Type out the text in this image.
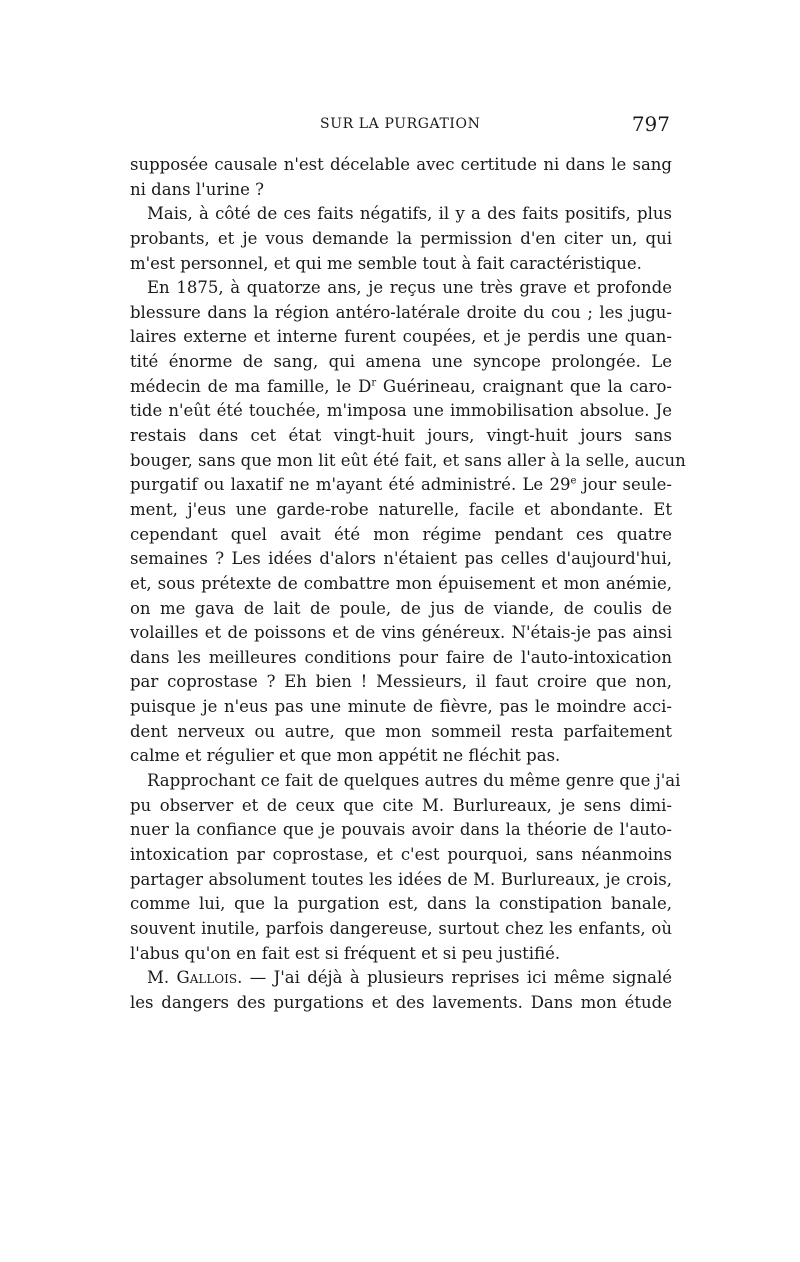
SUR LA PURGATION	797
supposée causale n'est décelable avec certitude ni dans le sang
ni dans l'urine ?
Mais, à côté de ces faits négatifs, il y a des faits positifs, plus
probants, et je vous demande la permission d'en citer un, qui
m'est personnel, et qui me semble tout à fait caractéristique.
En 1875, à quatorze ans, je reçus une très grave et profonde
blessure dans la région antéro-latérale droite du cou ; les jugu-
laires externe et interne furent coupées, et je perdis une quan-
tité énorme de sang, qui amena une syncope prolongée. Le
médecin de ma famille, le $D^r$ Guérineau, craignant que la caro-
tide n'eût été touchée, m'imposa une immobilisation absolue. Je
restais dans cet état vingt-huit jours, vingt-huit jours sans
bouger, sans que mon lit eût été fait, et sans aller à la selle, aucun
purgatif ou laxatif ne m'ayant été administré. Le 29e jour seule-
ment, j'eus une garde-robe naturelle, facile et abondante. Et
cependant quel avait été mon régime pendant ces quatre
semaines ? Les idées d'alors n'étaient pas celles d'aujourd'hui,
et, sous prétexte de combattre mon épuisement et mon anémie,
on me gava de lait de poule, de jus de viande, de coulis de
volailles et de poissons et de vins généreux. N'étais-je pas ainsi
dans les meilleures conditions pour faire de l'auto-intoxication
par coprostase ? Eh bien ! Messieurs, il faut croire que non,
puisque je n'eus pas une minute de fièvre, pas le moindre acci-
dent nerveux ou autre, que mon sommeil resta parfaitement
calme et régulier et que mon appétit ne fléchit pas.
Rapprochant ce fait de quelques autres du même genre que j'ai
pu observer et de ceux que cite M. Burlureaux, je sens dimi-
nuer la confiance que je pouvais avoir dans la théorie de l'auto-
intoxication par coprostase, et c'est pourquoi, sans néanmoins
partager absolument toutes les idées de M. Burlureaux, je crois,
comme lui, que la purgation est, dans la constipation banale,
souvent inutile, parfois dangereuse, surtout chez les enfants, où
l'abus qu'on en fait est si fréquent et si peu justifié.
M. Gallois. — J'ai déjà à plusieurs reprises ici même signalé
les dangers des purgations et des lavements. Dans mon étude
